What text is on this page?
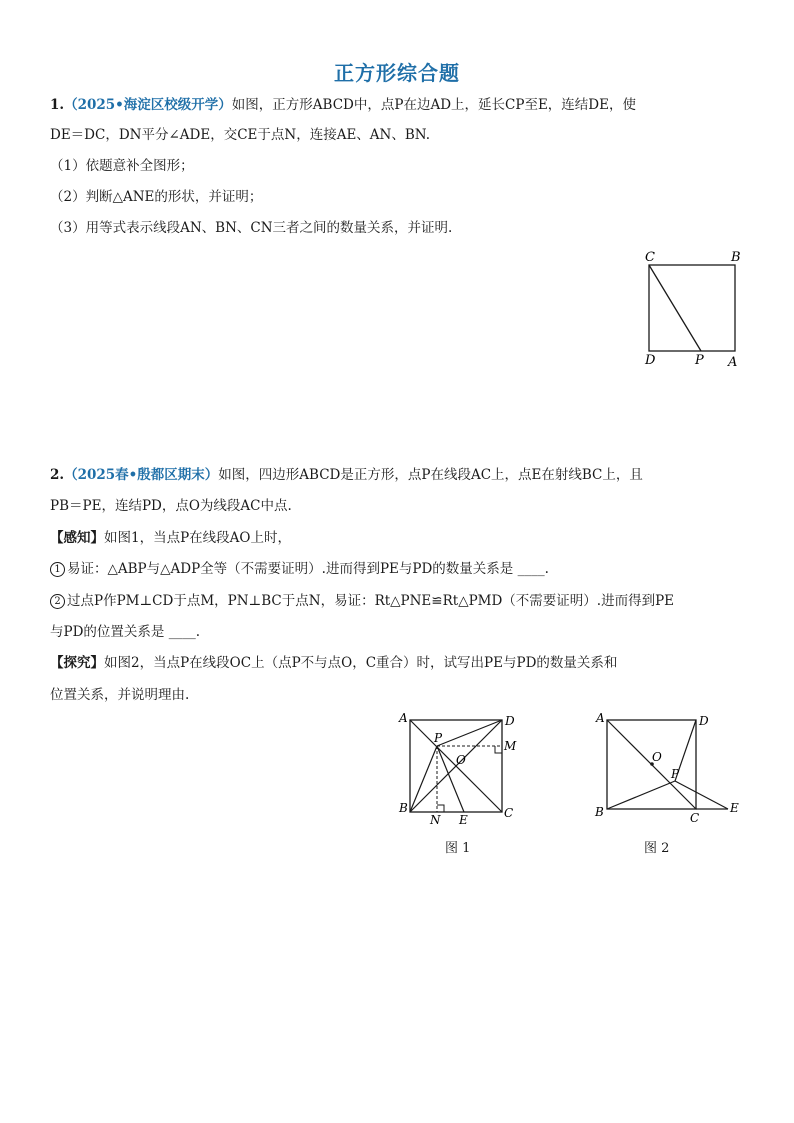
正方形综合题
1.（2025•海淀区校级开学）如图，正方形ABCD中，点P在边AD上，延长CP至E，连结DE，使
DE＝DC，DN平分∠ADE，交CE于点N，连接AE、AN、BN.
（1）依题意补全图形；
（2）判断△ANE的形状，并证明；
（3）用等式表示线段AN、BN、CN三者之间的数量关系，并证明.
C	B
D	P A
2.（2025春•殷都区期末）如图，四边形ABCD是正方形，点P在线段AC上，点E在射线BC上，且
PB＝PE，连结PD，点O为线段AC中点.
【感知】如图1，当点P在线段AO上时，
1 易证：△ABP与△ADP全等（不需要证明）.进而得到PE与PD的数量关系是 ____.
2 过点P作PM⊥CD于点M，PN⊥BC于点N，易证：Rt△PNE≌Rt△PMD（不需要证明）.进而得到PE
与PD的位置关系是 ____.
【探究】如图2，当点P在线段OC上（点P不与点O，C重合）时，试写出PE与PD的数量关系和
位置关系，并说明理由.
A	D
P
M
O
B
N E	C
图 1
A	D
O
P
B	C
E
图 2
